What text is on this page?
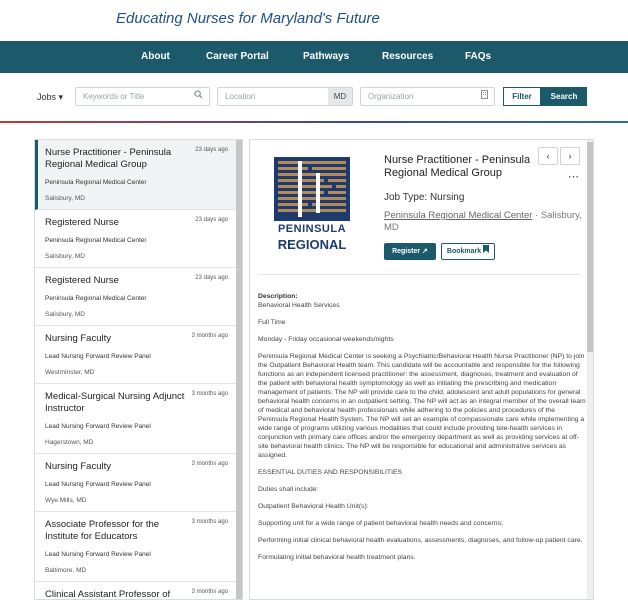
Educating Nurses for Maryland's Future
About	Career Portal	Pathways	Resources	FAQs
Jobs ▾	Keywords or Title	Location	MD	Organization	Filter	Search
Nurse Practitioner - Peninsula Regional Medical Group
23 days ago
Peninsula Regional Medical Center
Salisbury, MD
Registered Nurse	23 days ago
Peninsula Regional Medical Center
Salisbury, MD
Registered Nurse	23 days ago
Peninsula Regional Medical Center
Salisbury, MD
Nursing Faculty	3 months ago
Lead Nursing Forward Review Panel
Westminster, MD
Medical-Surgical Nursing Adjunct Instructor
3 months ago
Lead Nursing Forward Review Panel
Hagerstown, MD
Nursing Faculty	3 months ago
Lead Nursing Forward Review Panel
Wye Mills, MD
Associate Professor for the Institute for Educators
3 months ago
Lead Nursing Forward Review Panel
Baltimore, MD
Clinical Assistant Professor of	3 months ago
PENINSULA
REGIONAL
Nurse Practitioner - Peninsula Regional Medical Group
‹	›
⋯
Job Type: Nursing
Peninsula Regional Medical Center · Salisbury, MD
Register ↗	Bookmark
Description:

Behavioral Health Services

Full Time

Monday - Friday occasional weekends/nights

Peninsula Regional Medical Center is seeking a Psychiatric/Behavioral Health Nurse Practitioner (NP) to join the Outpatient Behavioral Health team. This candidate will be accountable and responsible for the following functions as an independent licensed practitioner: the assessment, diagnoses, treatment and evaluation of the patient with behavioral health symptomology as well as initiating the prescribing and medication management of patients. The NP will provide care to the child, adolescent and adult populations for general behavioral health concerns in an outpatient setting. The NP will act as an integral member of the overall team of medical and behavioral health professionals while adhering to the policies and procedures of the Peninsula Regional Health System. The NP will set an example of compassionate care while implementing a wide range of programs utilizing various modalities that could include providing tele-health services in conjunction with primary care offices and/or the emergency department as well as providing services at off-site behavioral health clinics. The NP will be responsible for educational and administrative services as assigned.

ESSENTIAL DUTIES AND RESPONSIBILITIES

Duties shall include:

Outpatient Behavioral Health Unit(s):

Supporting unit for a wide range of patient behavioral health needs and concerns;

Performing initial clinical behavioral health evaluations, assessments, diagnoses, and follow-up patient care.

Formulating initial behavioral health treatment plans.
